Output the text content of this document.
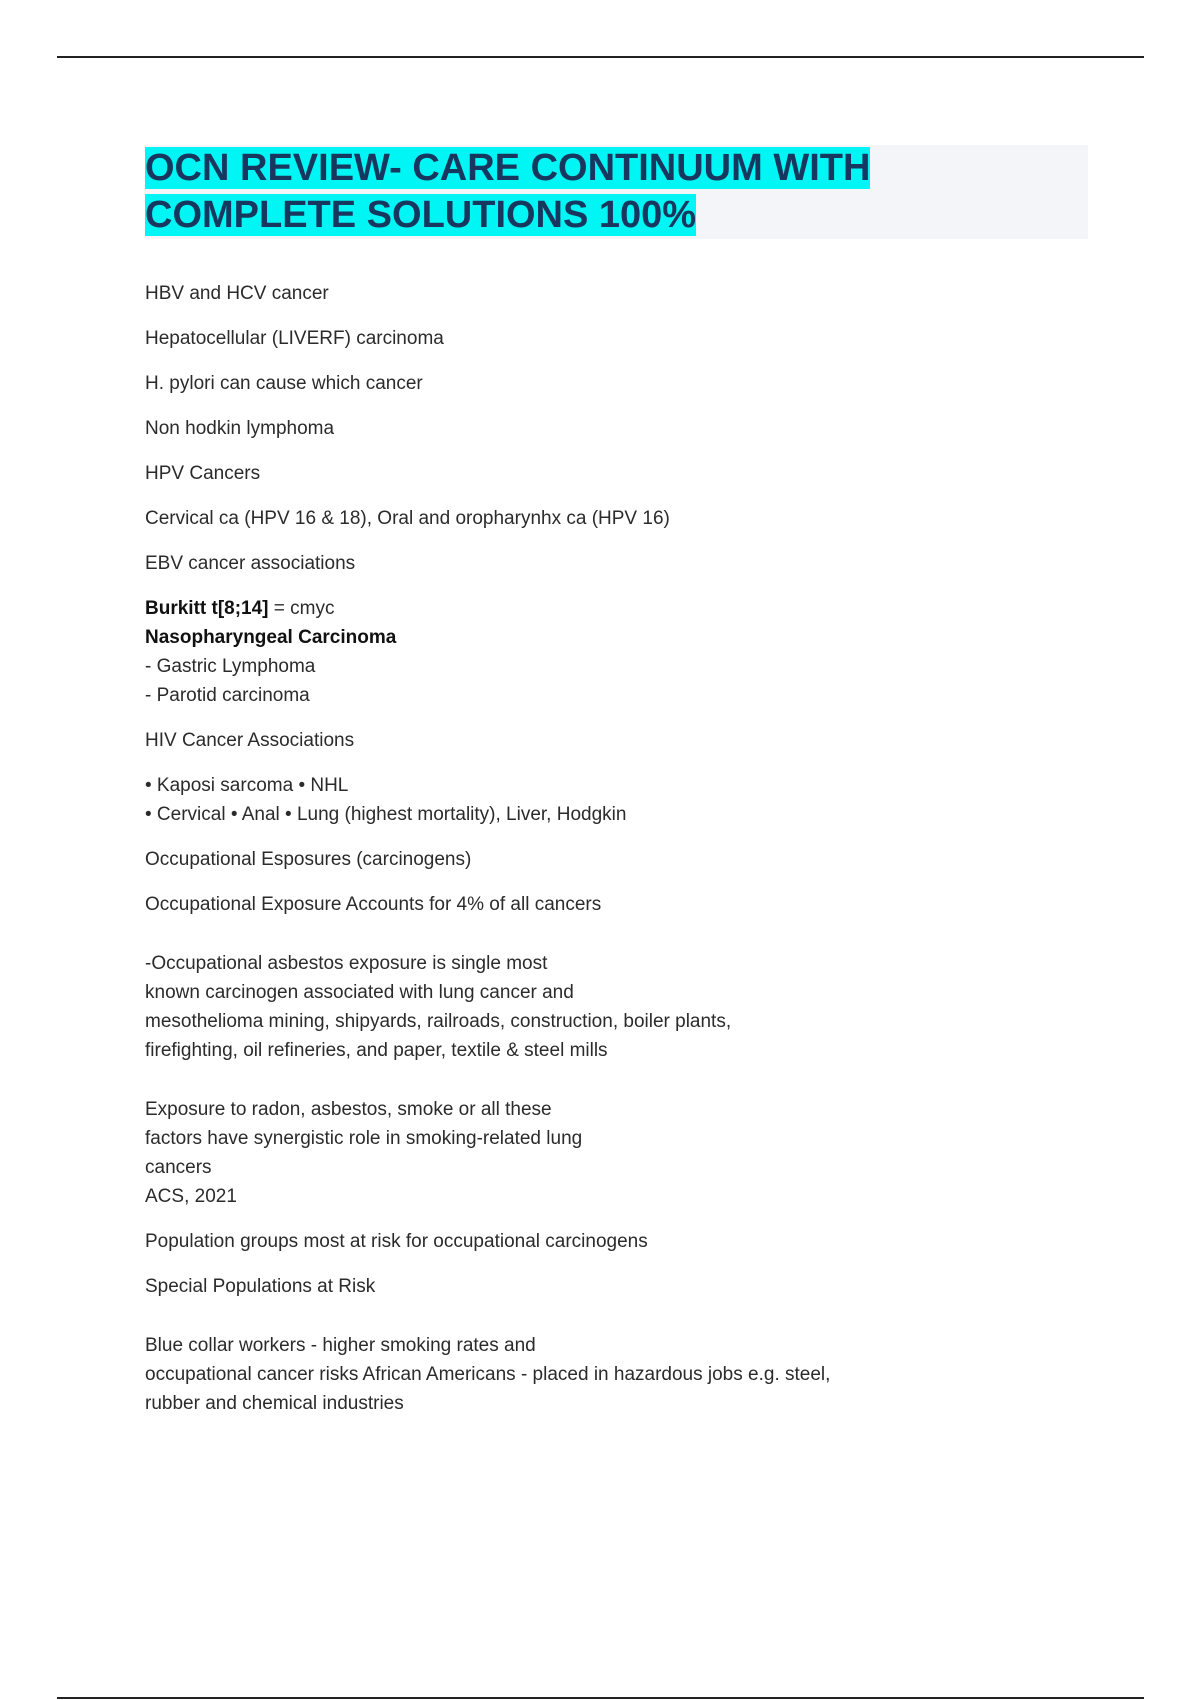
OCN REVIEW- CARE CONTINUUM WITH
COMPLETE SOLUTIONS 100%

HBV and HCV cancer

Hepatocellular (LIVERF) carcinoma

H. pylori can cause which cancer

Non hodkin lymphoma

HPV Cancers

Cervical ca (HPV 16 & 18), Oral and oropharynhx ca (HPV 16)

EBV cancer associations

Burkitt t[8;14] = cmyc
Nasopharyngeal Carcinoma
- Gastric Lymphoma
- Parotid carcinoma

HIV Cancer Associations

• Kaposi sarcoma • NHL
• Cervical • Anal • Lung (highest mortality), Liver, Hodgkin

Occupational Esposures (carcinogens)

Occupational Exposure Accounts for 4% of all cancers

-Occupational asbestos exposure is single most
known carcinogen associated with lung cancer and
mesothelioma mining, shipyards, railroads, construction, boiler plants,
firefighting, oil refineries, and paper, textile & steel mills

Exposure to radon, asbestos, smoke or all these
factors have synergistic role in smoking-related lung
cancers
ACS, 2021

Population groups most at risk for occupational carcinogens

Special Populations at Risk

Blue collar workers - higher smoking rates and
occupational cancer risks African Americans - placed in hazardous jobs e.g. steel,
rubber and chemical industries
